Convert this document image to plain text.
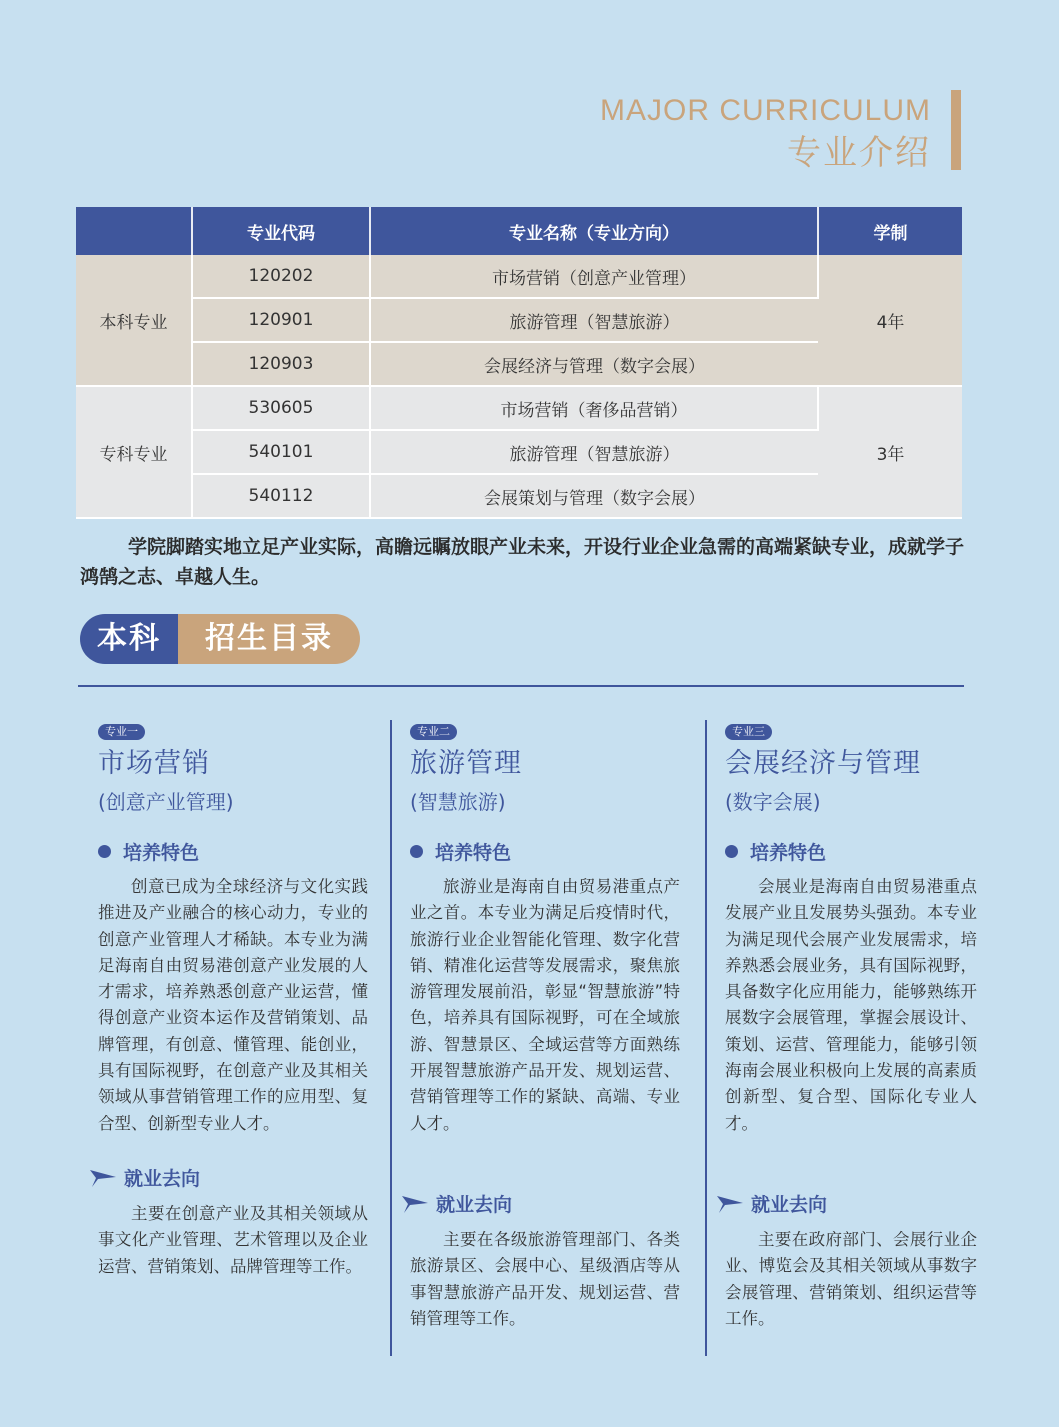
MAJOR CURRICULUM
专业介绍
	专业代码	专业名称（专业方向）	学制
本科专业	120202	市场营销（创意产业管理）	4年
	120901	旅游管理（智慧旅游）	
	120903	会展经济与管理（数字会展）	
专科专业	530605	市场营销（奢侈品营销）	3年
	540101	旅游管理（智慧旅游）	
	540112	会展策划与管理（数字会展）	
学院脚踏实地立足产业实际，高瞻远瞩放眼产业未来，开设行业企业急需的高端紧缺专业，成就学子鸿鹄之志、卓越人生。
本科	招生目录
专业一
市场营销
(创意产业管理)
培养特色
创意已成为全球经济与文化实践推进及产业融合的核心动力，专业的创意产业管理人才稀缺。本专业为满足海南自由贸易港创意产业发展的人才需求，培养熟悉创意产业运营，懂得创意产业资本运作及营销策划、品牌管理，有创意、懂管理、能创业，具有国际视野，在创意产业及其相关领域从事营销管理工作的应用型、复合型、创新型专业人才。
就业去向
主要在创意产业及其相关领域从事文化产业管理、艺术管理以及企业运营、营销策划、品牌管理等工作。
专业二
旅游管理
(智慧旅游)
培养特色
旅游业是海南自由贸易港重点产业之首。本专业为满足后疫情时代，旅游行业企业智能化管理、数字化营销、精准化运营等发展需求，聚焦旅游管理发展前沿，彰显“智慧旅游”特色，培养具有国际视野，可在全域旅游、智慧景区、全域运营等方面熟练开展智慧旅游产品开发、规划运营、营销管理等工作的紧缺、高端、专业人才。
就业去向
主要在各级旅游管理部门、各类旅游景区、会展中心、星级酒店等从事智慧旅游产品开发、规划运营、营销管理等工作。
专业三
会展经济与管理
(数字会展)
培养特色
会展业是海南自由贸易港重点发展产业且发展势头强劲。本专业为满足现代会展产业发展需求，培养熟悉会展业务，具有国际视野，具备数字化应用能力，能够熟练开展数字会展管理，掌握会展设计、策划、运营、管理能力，能够引领海南会展业积极向上发展的高素质创新型、复合型、国际化专业人才。
就业去向
主要在政府部门、会展行业企业、博览会及其相关领域从事数字会展管理、营销策划、组织运营等工作。
